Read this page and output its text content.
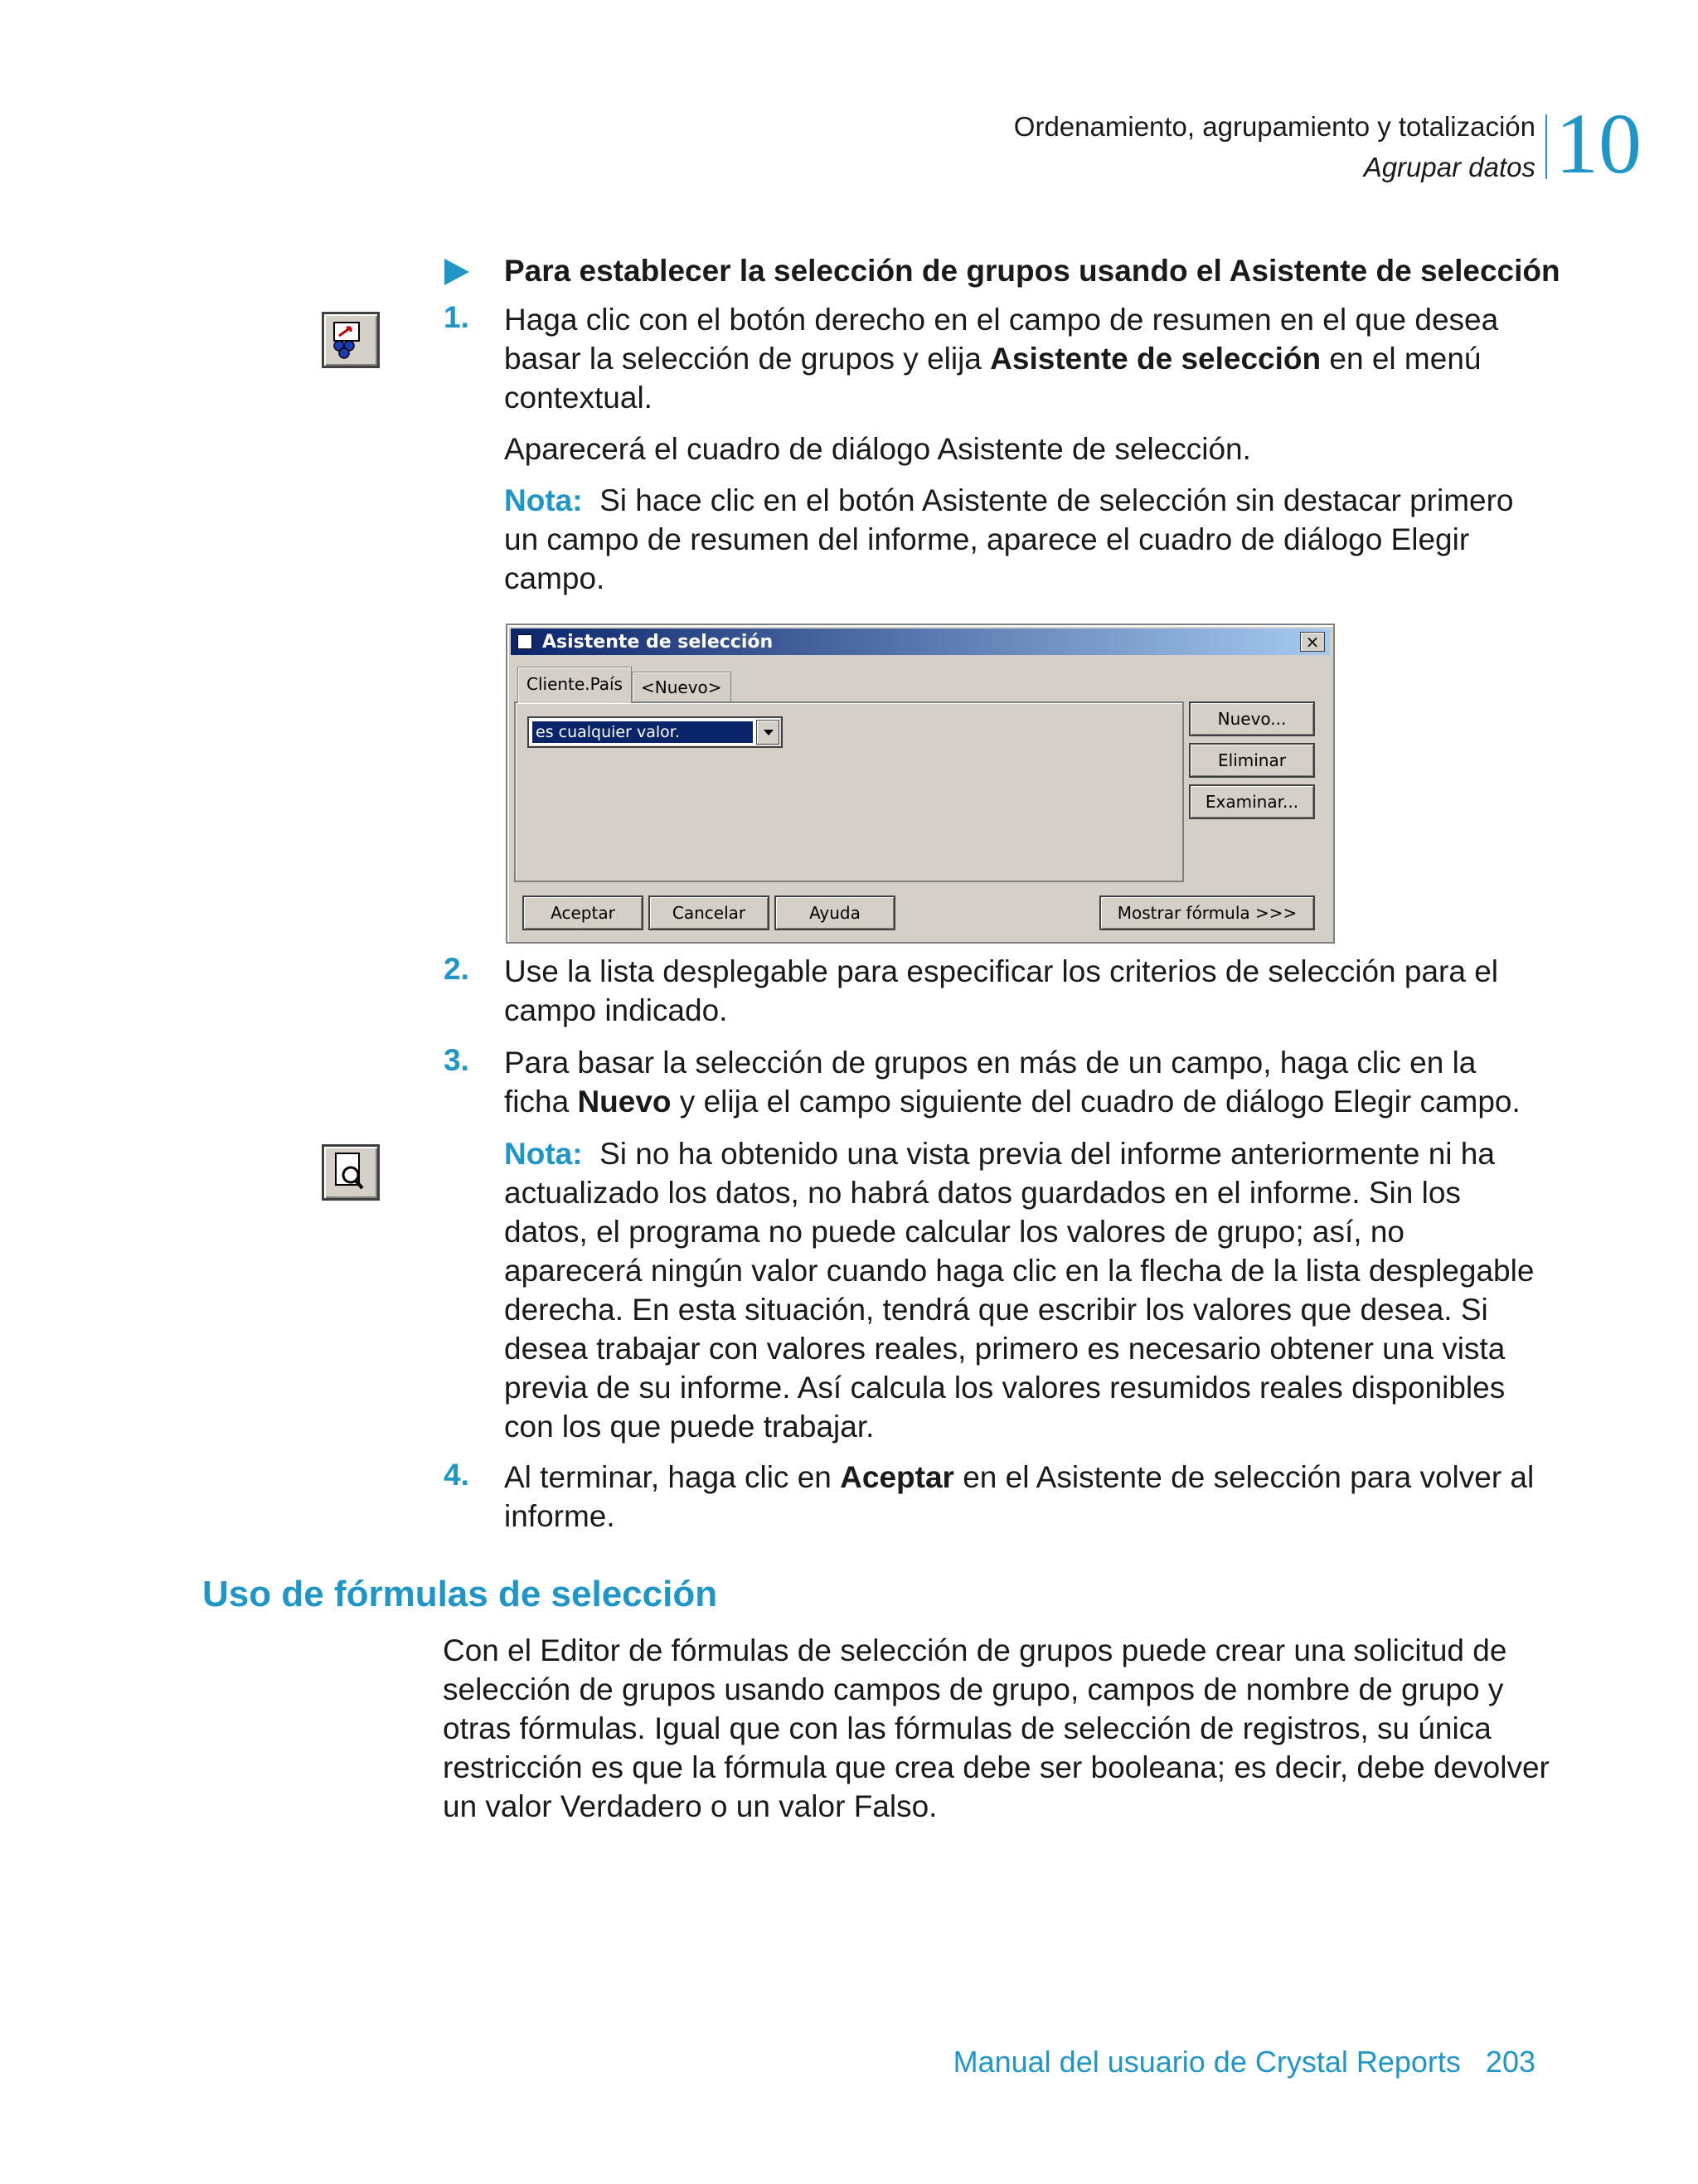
Ordenamiento, agrupamiento y totalización
Agrupar datos 10
Para establecer la selección de grupos usando el Asistente de selección
1. Haga clic con el botón derecho en el campo de resumen en el que desea basar la selección de grupos y elija Asistente de selección en el menú contextual.
Aparecerá el cuadro de diálogo Asistente de selección.
Nota: Si hace clic en el botón Asistente de selección sin destacar primero un campo de resumen del informe, aparece el cuadro de diálogo Elegir campo.
Asistente de selección	×
Cliente.País	<Nuevo>
es cualquier valor.
Nuevo...
Eliminar
Examinar...
Aceptar	Cancelar	Ayuda	Mostrar fórmula >>>
2. Use la lista desplegable para especificar los criterios de selección para el campo indicado.
3. Para basar la selección de grupos en más de un campo, haga clic en la ficha Nuevo y elija el campo siguiente del cuadro de diálogo Elegir campo.
Nota: Si no ha obtenido una vista previa del informe anteriormente ni ha actualizado los datos, no habrá datos guardados en el informe. Sin los datos, el programa no puede calcular los valores de grupo; así, no aparecerá ningún valor cuando haga clic en la flecha de la lista desplegable derecha. En esta situación, tendrá que escribir los valores que desea. Si desea trabajar con valores reales, primero es necesario obtener una vista previa de su informe. Así calcula los valores resumidos reales disponibles con los que puede trabajar.
4. Al terminar, haga clic en Aceptar en el Asistente de selección para volver al informe.
Uso de fórmulas de selección
Con el Editor de fórmulas de selección de grupos puede crear una solicitud de selección de grupos usando campos de grupo, campos de nombre de grupo y otras fórmulas. Igual que con las fórmulas de selección de registros, su única restricción es que la fórmula que crea debe ser booleana; es decir, debe devolver un valor Verdadero o un valor Falso.
Manual del usuario de Crystal Reports 203
